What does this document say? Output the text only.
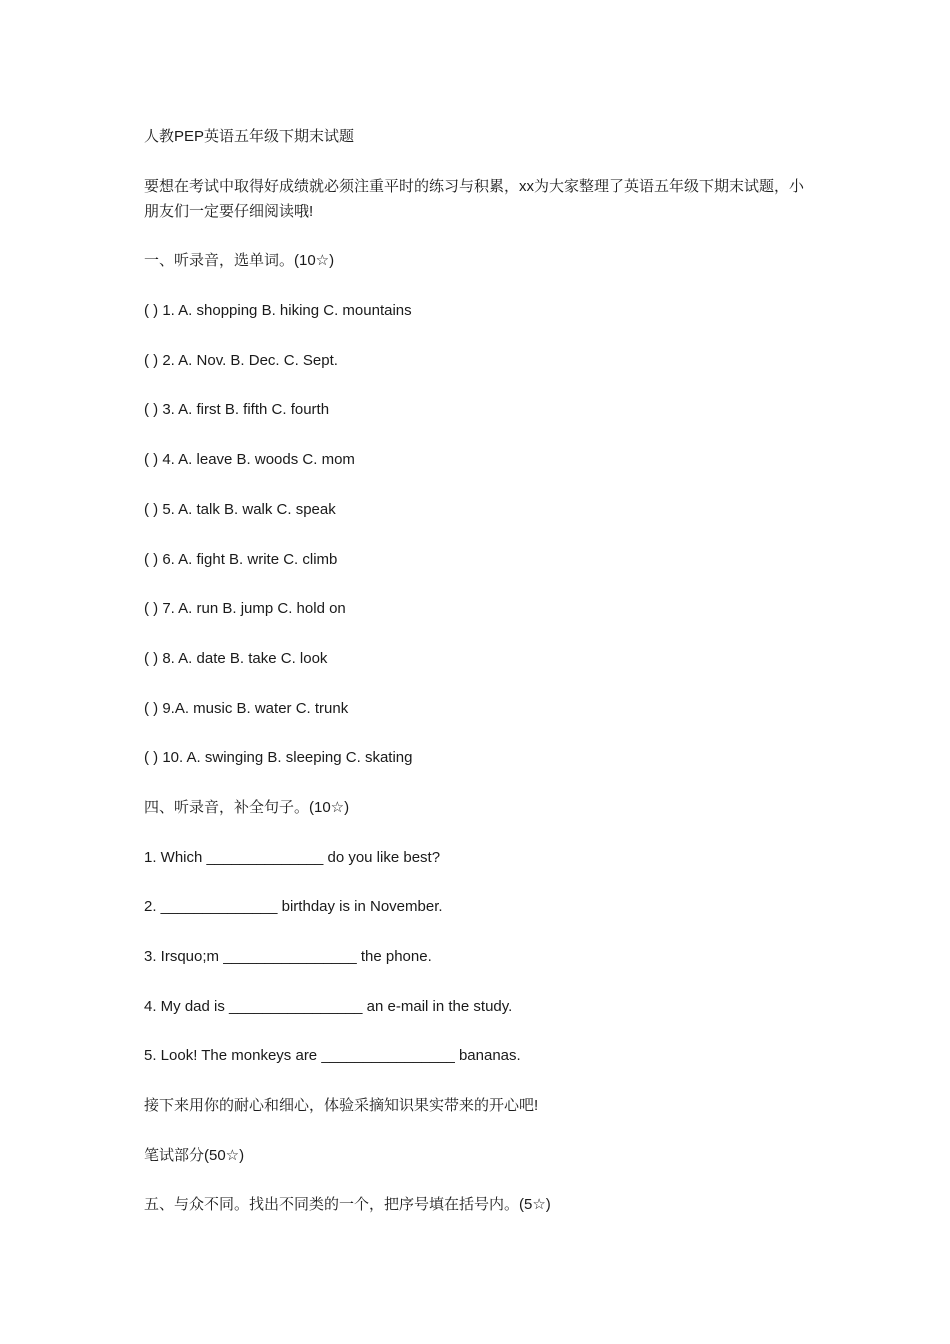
人教PEP英语五年级下期末试题

要想在考试中取得好成绩就必须注重平时的练习与积累，xx为大家整理了英语五年级下期末试题，小朋友们一定要仔细阅读哦!

一、听录音，选单词。(10☆)

( ) 1. A. shopping B. hiking C. mountains

( ) 2. A. Nov. B. Dec. C. Sept.

( ) 3. A. first B. fifth C. fourth

( ) 4. A. leave B. woods C. mom

( ) 5. A. talk B. walk C. speak

( ) 6. A. fight B. write C. climb

( ) 7. A. run B. jump C. hold on

( ) 8. A. date B. take C. look

( ) 9.A. music B. water C. trunk

( ) 10. A. swinging B. sleeping C. skating

四、听录音，补全句子。(10☆)

1. Which ______________ do you like best?

2. ______________ birthday is in November.

3. Irsquo;m ________________ the phone.

4. My dad is ________________ an e-mail in the study.

5. Look! The monkeys are ________________ bananas.

接下来用你的耐心和细心，体验采摘知识果实带来的开心吧!

笔试部分(50☆)

五、与众不同。找出不同类的一个，把序号填在括号内。(5☆)
